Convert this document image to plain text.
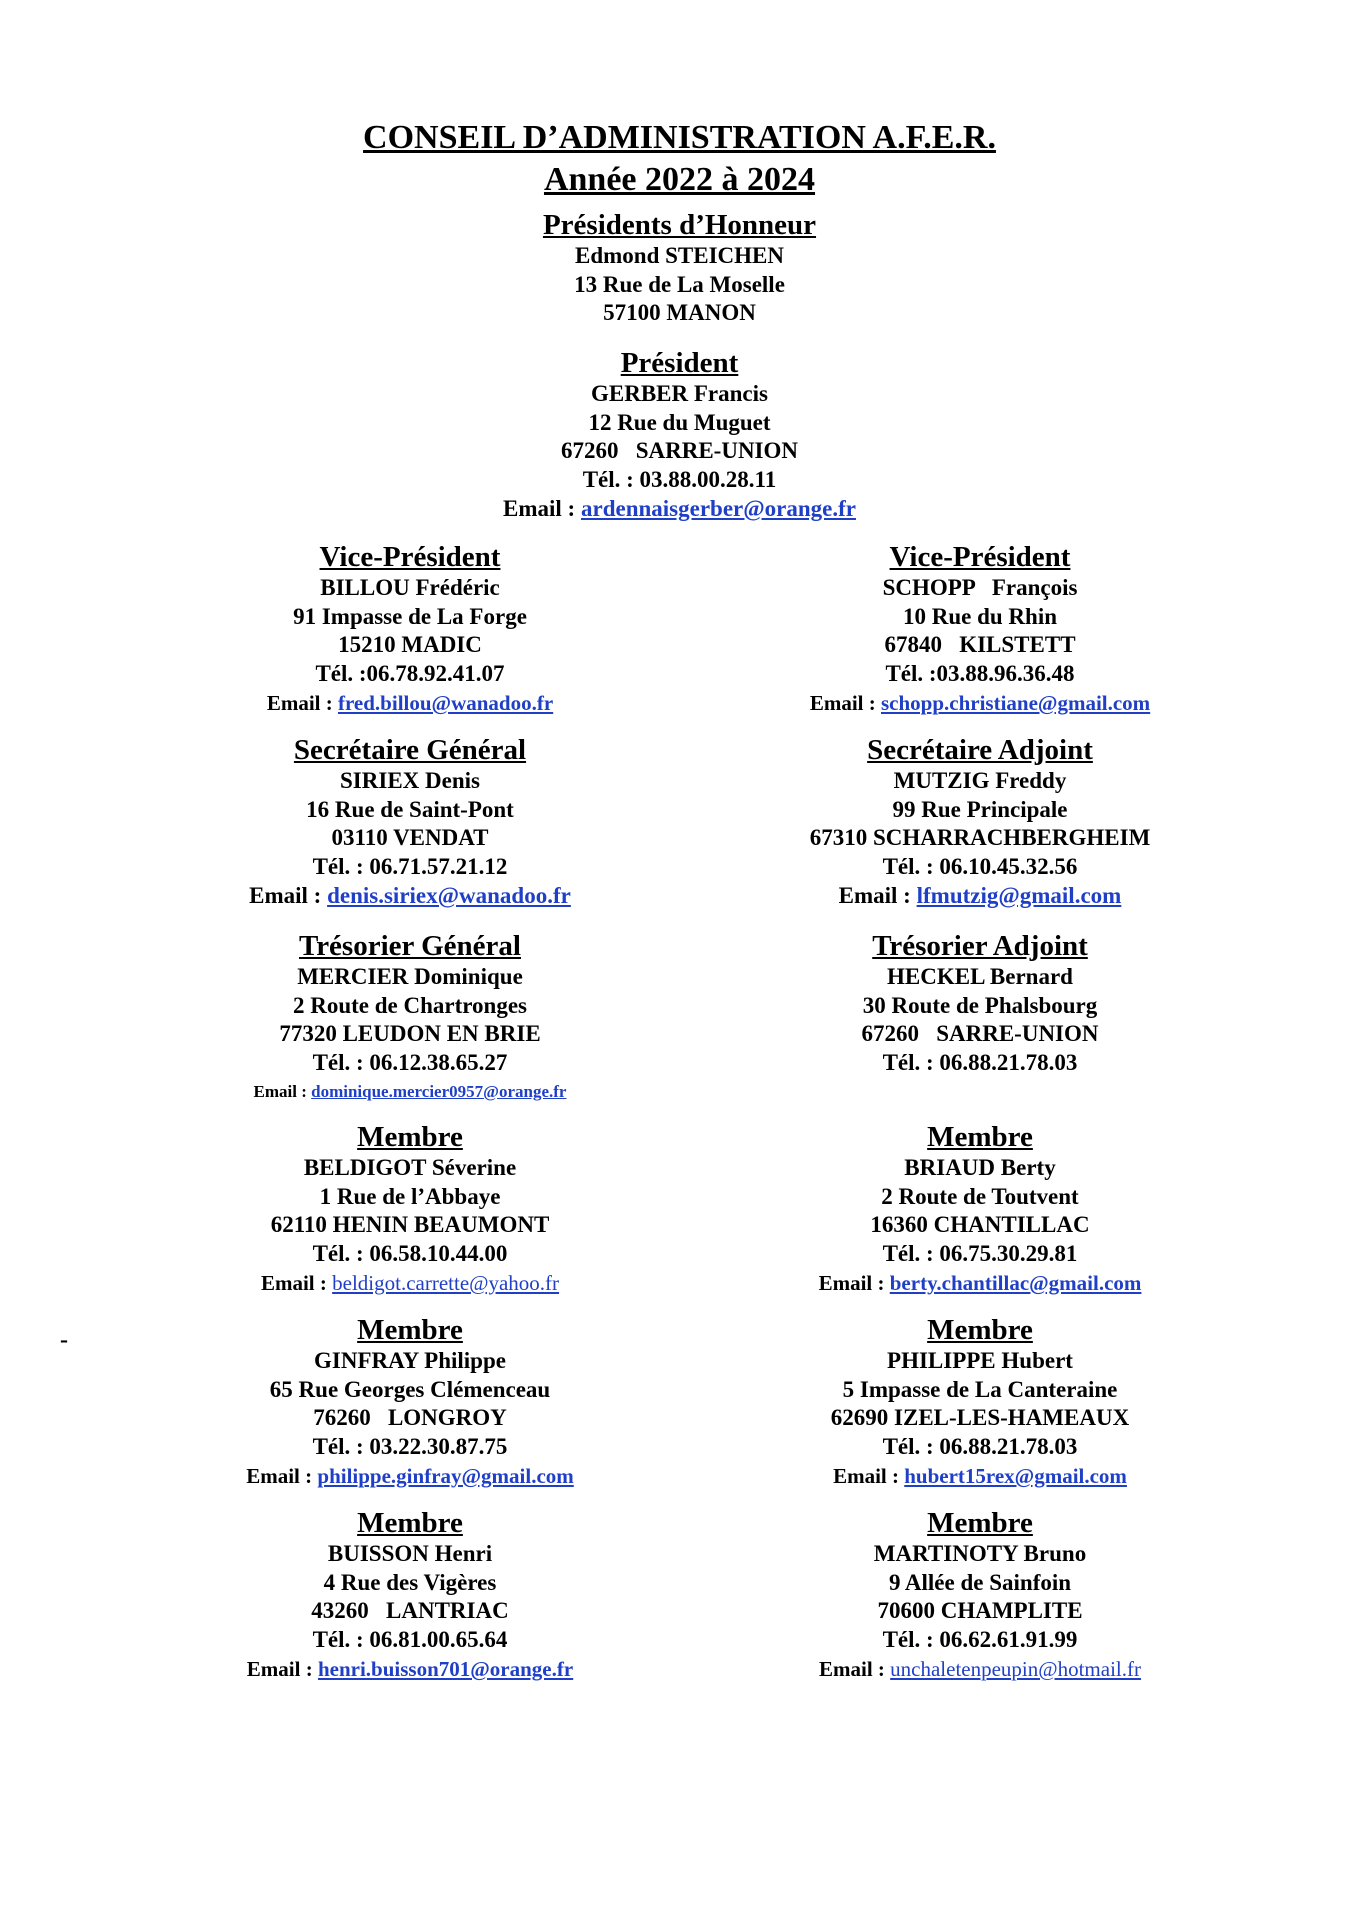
CONSEIL D’ADMINISTRATION A.F.E.R.
Année 2022 à 2024
Présidents d’Honneur
Edmond STEICHEN
13 Rue de La Moselle
57100 MANON
Président
GERBER Francis
12 Rue du Muguet
67260   SARRE-UNION
Tél. : 03.88.00.28.11
Email : ardennaisgerber@orange.fr
Vice-Président
BILLOU Frédéric
91 Impasse de La Forge
15210 MADIC
Tél. :06.78.92.41.07
Email : fred.billou@wanadoo.fr
Vice-Président
SCHOPP   François
10 Rue du Rhin
67840   KILSTETT
Tél. :03.88.96.36.48
Email : schopp.christiane@gmail.com
Secrétaire Général
SIRIEX Denis
16 Rue de Saint-Pont
03110 VENDAT
Tél. : 06.71.57.21.12
Email : denis.siriex@wanadoo.fr
Secrétaire Adjoint
MUTZIG Freddy
99 Rue Principale
67310 SCHARRACHBERGHEIM
Tél. : 06.10.45.32.56
Email : lfmutzig@gmail.com
Trésorier Général
MERCIER Dominique
2 Route de Chartronges
77320 LEUDON EN BRIE
Tél. : 06.12.38.65.27
Email : dominique.mercier0957@orange.fr
Trésorier Adjoint
HECKEL Bernard
30 Route de Phalsbourg
67260   SARRE-UNION
Tél. : 06.88.21.78.03
Membre
BELDIGOT Séverine
1 Rue de l’Abbaye
62110 HENIN BEAUMONT
Tél. : 06.58.10.44.00
Email : beldigot.carrette@yahoo.fr
Membre
BRIAUD Berty
2 Route de Toutvent
16360 CHANTILLAC
Tél. : 06.75.30.29.81
Email : berty.chantillac@gmail.com
Membre
GINFRAY Philippe
65 Rue Georges Clémenceau
76260   LONGROY
Tél. : 03.22.30.87.75
Email : philippe.ginfray@gmail.com
Membre
PHILIPPE Hubert
5 Impasse de La Canteraine
62690 IZEL-LES-HAMEAUX
Tél. : 06.88.21.78.03
Email : hubert15rex@gmail.com
Membre
BUISSON Henri
4 Rue des Vigères
43260   LANTRIAC
Tél. : 06.81.00.65.64
Email : henri.buisson701@orange.fr
Membre
MARTINOTY Bruno
9 Allée de Sainfoin
70600 CHAMPLITE
Tél. : 06.62.61.91.99
Email : unchaletenpeupin@hotmail.fr
-
